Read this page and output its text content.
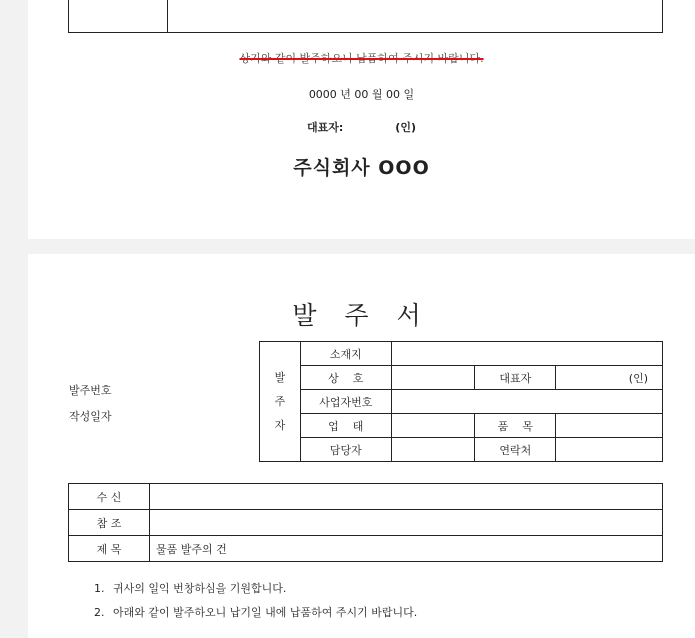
상기와 같이 발주하오니 납품하여 주시기 바랍니다.
0000 년 00 월 00 일
대표자:	(인)
주식회사 OOO
발 주 서
발주번호
작성일자
발
주
자	소재지			
	상    호		대표자	(인)
	사업자번호			
	업    태		품    목	
	담당자		연락처	
수 신	
참 조	
제 목	물품 발주의 건
1. 귀사의 일익 번창하심을 기원합니다.
2. 아래와 같이 발주하오니 납기일 내에 납품하여 주시기 바랍니다.
